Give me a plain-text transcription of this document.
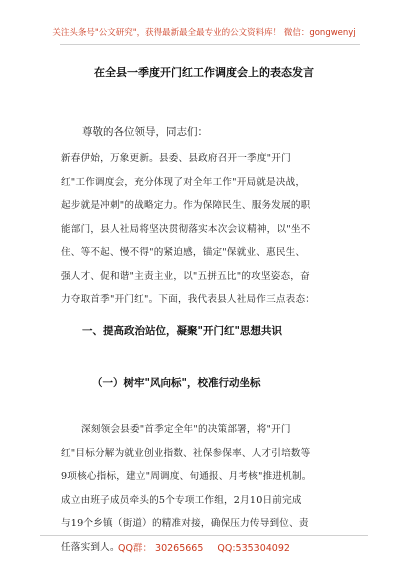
关注头条号"公文研究"，获得最新最全最专业的公文资料库！ 微信：gongwenyj
在全县一季度开门红工作调度会上的表态发言
尊敬的各位领导，同志们：
新春伊始，万象更新。县委、县政府召开一季度"开门
红"工作调度会，充分体现了对全年工作"开局就是决战，
起步就是冲刺"的战略定力。作为保障民生、服务发展的职
能部门，县人社局将坚决贯彻落实本次会议精神，以"坐不
住、等不起、慢不得"的紧迫感，锚定"保就业、惠民生、
强人才、促和谐"主责主业，以"五拼五比"的攻坚姿态，奋
力夺取首季"开门红"。下面，我代表县人社局作三点表态：
一、提高政治站位，凝聚"开门红"思想共识
（一）树牢"风向标"，校准行动坐标
深刻领会县委"首季定全年"的决策部署，将"开门
红"目标分解为就业创业指数、社保参保率、人才引培数等
9项核心指标，建立"周调度、旬通报、月考核"推进机制。
成立由班子成员牵头的5个专项工作组，2月10日前完成
与19个乡镇（街道）的精准对接，确保压力传导到位、责
任落实到人。
QQ群： 30265665 QQ:535304092
